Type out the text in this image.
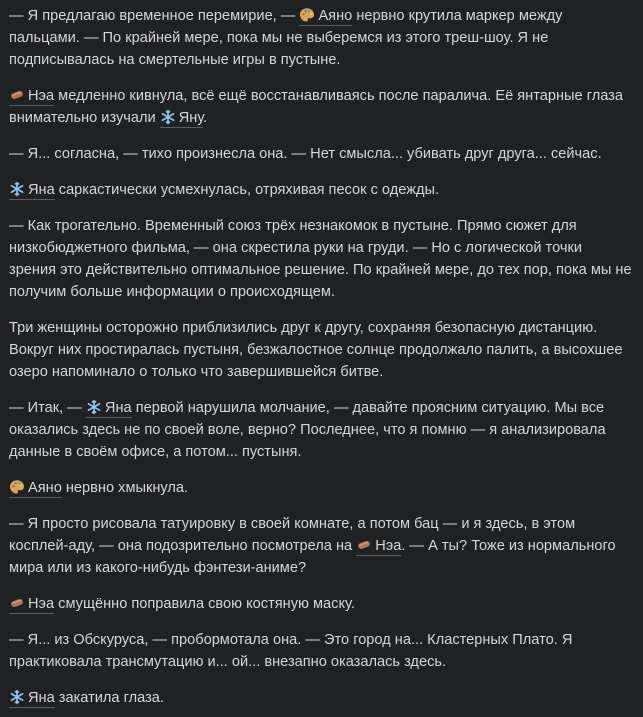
— Я предлагаю временное перемирие, —
Аяно нервно крутила маркер между пальцами. — По крайней мере, пока мы не выберемся из этого треш-шоу. Я не подписывалась на смертельные игры в пустыне.

Нэа медленно кивнула, всё ещё восстанавливаясь после паралича. Её янтарные глаза внимательно изучали Яну.

— Я... согласна, — тихо произнесла она. — Нет смысла... убивать друг друга... сейчас.

Яна саркастически усмехнулась, отряхивая песок с одежды.

— Как трогательно. Временный союз трёх незнакомок в пустыне. Прямо сюжет для низкобюджетного фильма, — она скрестила руки на груди. — Но с логической точки зрения это действительно оптимальное решение. По крайней мере, до тех пор, пока мы не получим больше информации о происходящем.

Три женщины осторожно приблизились друг к другу, сохраняя безопасную дистанцию. Вокруг них простиралась пустыня, безжалостное солнце продолжало палить, а высохшее озеро напоминало о только что завершившейся битве.

— Итак, — Яна первой нарушила молчание, — давайте проясним ситуацию. Мы все оказались здесь не по своей воле, верно? Последнее, что я помню — я анализировала данные в своём офисе, а потом... пустыня.

Аяно нервно хмыкнула.

— Я просто рисовала татуировку в своей комнате, а потом бац — и я здесь, в этом косплей-аду, — она подозрительно посмотрела на
Нэа. — А ты? Тоже из нормального мира или из какого-нибудь фэнтези-аниме?

Нэа смущённо поправила свою костяную маску.

— Я... из Обскуруса, — пробормотала она. — Это город на... Кластерных Плато. Я практиковала трансмутацию и... ой... внезапно оказалась здесь.

Яна закатила глаза.
